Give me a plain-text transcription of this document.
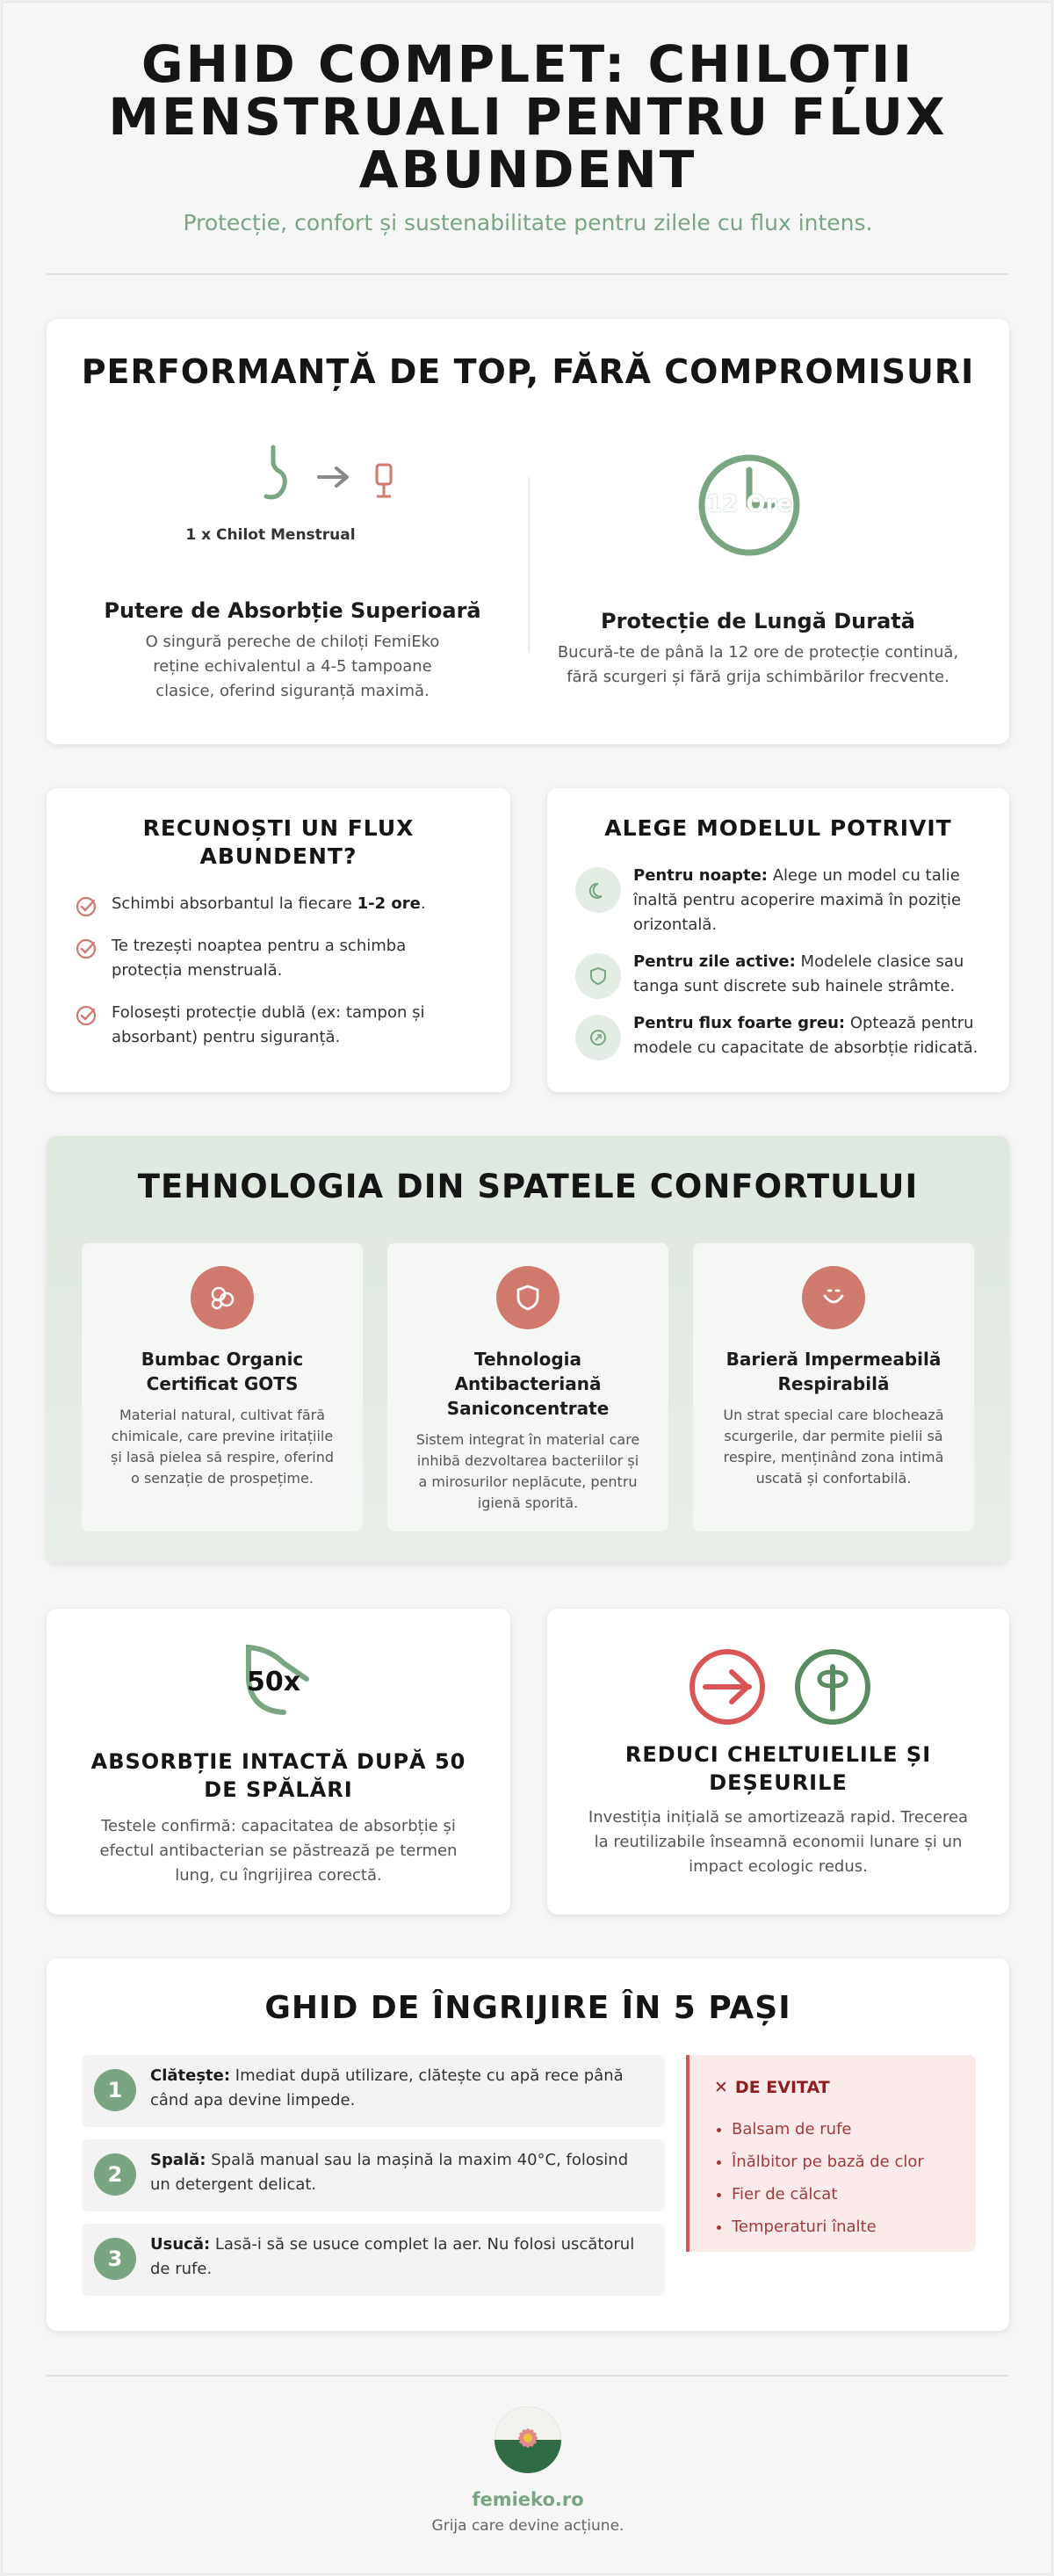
GHID COMPLET: CHILOȚII MENSTRUALI PENTRU FLUX ABUNDENT

Protecție, confort și sustenabilitate pentru zilele cu flux intens.

PERFORMANȚĂ DE TOP, FĂRĂ COMPROMISURI
1 x Chilot Menstrual
Putere de Absorbție Superioară

O singură pereche de chiloți FemiEko reține echivalentul a 4-5 tampoane clasice, oferind siguranță maximă.

12 Ore
Protecție de Lungă Durată

Bucură-te de până la 12 ore de protecție continuă, fără scurgeri și fără grija schimbărilor frecvente.

RECUNOȘTI UN FLUX ABUNDENT?
Schimbi absorbantul la fiecare 1-2 ore.
Te trezești noaptea pentru a schimba protecția menstruală.
Folosești protecție dublă (ex: tampon și absorbant) pentru siguranță.
ALEGE MODELUL POTRIVIT
Pentru noapte: Alege un model cu talie înaltă pentru acoperire maximă în poziție orizontală.
Pentru zile active: Modelele clasice sau tanga sunt discrete sub hainele strâmte.
Pentru flux foarte greu: Optează pentru modele cu capacitate de absorbție ridicată.
TEHNOLOGIA DIN SPATELE CONFORTULUI
Bumbac Organic Certificat GOTS

Material natural, cultivat fără chimicale, care previne iritațiile și lasă pielea să respire, oferind o senzație de prospețime.

Tehnologia Antibacteriană Saniconcentrate

Sistem integrat în material care inhibă dezvoltarea bacteriilor și a mirosurilor neplăcute, pentru igienă sporită.

Barieră Impermeabilă Respirabilă

Un strat special care blochează scurgerile, dar permite pielii să respire, menținând zona intimă uscată și confortabilă.

50x
ABSORBȚIE INTACTĂ DUPĂ 50 DE SPĂLĂRI

Testele confirmă: capacitatea de absorbție și efectul antibacterian se păstrează pe termen lung, cu îngrijirea corectă.

REDUCI CHELTUIELILE ȘI DEȘEURILE

Investiția inițială se amortizează rapid. Trecerea la reutilizabile înseamnă economii lunare și un impact ecologic redus.

GHID DE ÎNGRIJIRE ÎN 5 PAȘI
1
Clătește: Imediat după utilizare, clătește cu apă rece până când apa devine limpede.
2
Spală: Spală manual sau la mașină la maxim 40°C, folosind un detergent delicat.
3
Usucă: Lasă-i să se usuce complet la aer. Nu folosi uscătorul de rufe.
✕ DE EVITAT
• Balsam de rufe
• Înălbitor pe bază de clor
• Fier de călcat
• Temperaturi înalte
femieko.ro
Grija care devine acțiune.
